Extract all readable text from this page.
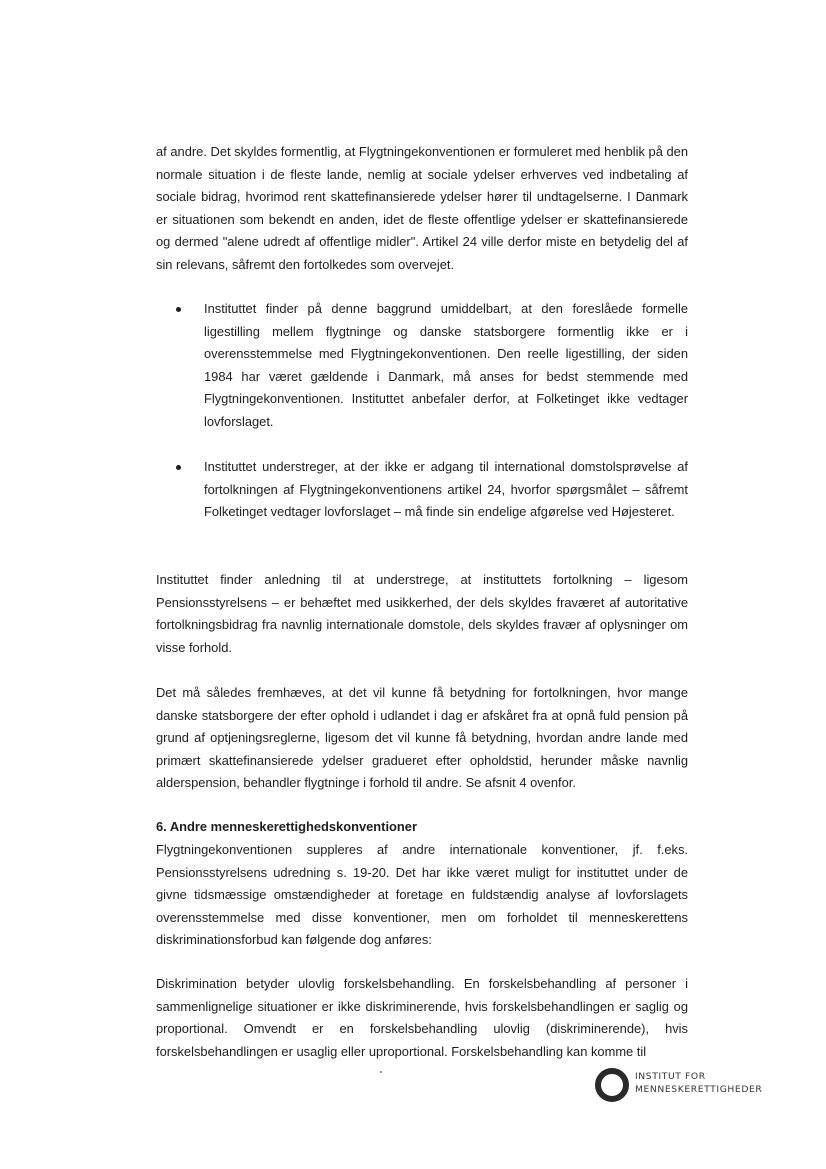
af andre. Det skyldes formentlig, at Flygtningekonventionen er formuleret med henblik på den normale situation i de fleste lande, nemlig at sociale ydelser erhverves ved indbetaling af sociale bidrag, hvorimod rent skattefinansierede ydelser hører til undtagelserne. I Danmark er situationen som bekendt en anden, idet de fleste offentlige ydelser er skattefinansierede og dermed "alene udredt af offentlige midler". Artikel 24 ville derfor miste en betydelig del af sin relevans, såfremt den fortolkedes som overvejet.

Instituttet finder på denne baggrund umiddelbart, at den foreslåede formelle ligestilling mellem flygtninge og danske statsborgere formentlig ikke er i overensstemmelse med Flygtningekonventionen. Den reelle ligestilling, der siden 1984 har været gældende i Danmark, må anses for bedst stemmende med Flygtningekonventionen. Instituttet anbefaler derfor, at Folketinget ikke vedtager lovforslaget.

Instituttet understreger, at der ikke er adgang til international domstolsprøvelse af fortolkningen af Flygtningekonventionens artikel 24, hvorfor spørgsmålet – såfremt Folketinget vedtager lovforslaget – må finde sin endelige afgørelse ved Højesteret.

Instituttet finder anledning til at understrege, at instituttets fortolkning – ligesom Pensionsstyrelsens – er behæftet med usikkerhed, der dels skyldes fraværet af autoritative fortolkningsbidrag fra navnlig internationale domstole, dels skyldes fravær af oplysninger om visse forhold.

Det må således fremhæves, at det vil kunne få betydning for fortolkningen, hvor mange danske statsborgere der efter ophold i udlandet i dag er afskåret fra at opnå fuld pension på grund af optjeningsreglerne, ligesom det vil kunne få betydning, hvordan andre lande med primært skattefinansierede ydelser gradueret efter opholdstid, herunder måske navnlig alderspension, behandler flygtninge i forhold til andre. Se afsnit 4 ovenfor.

6. Andre menneskerettighedskonventioner

Flygtningekonventionen suppleres af andre internationale konventioner, jf. f.eks. Pensionsstyrelsens udredning s. 19-20. Det har ikke været muligt for instituttet under de givne tidsmæssige omstændigheder at foretage en fuldstændig analyse af lovforslagets overensstemmelse med disse konventioner, men om forholdet til menneskerettens diskriminationsforbud kan følgende dog anføres:

Diskrimination betyder ulovlig forskelsbehandling. En forskelsbehandling af personer i sammenlignelige situationer er ikke diskriminerende, hvis forskelsbehandlingen er saglig og proportional. Omvendt er en forskelsbehandling ulovlig (diskriminerende), hvis forskelsbehandlingen er usaglig eller uproportional. Forskelsbehandling kan komme til

INSTITUT FOR
MENNESKERETTIGHEDER
